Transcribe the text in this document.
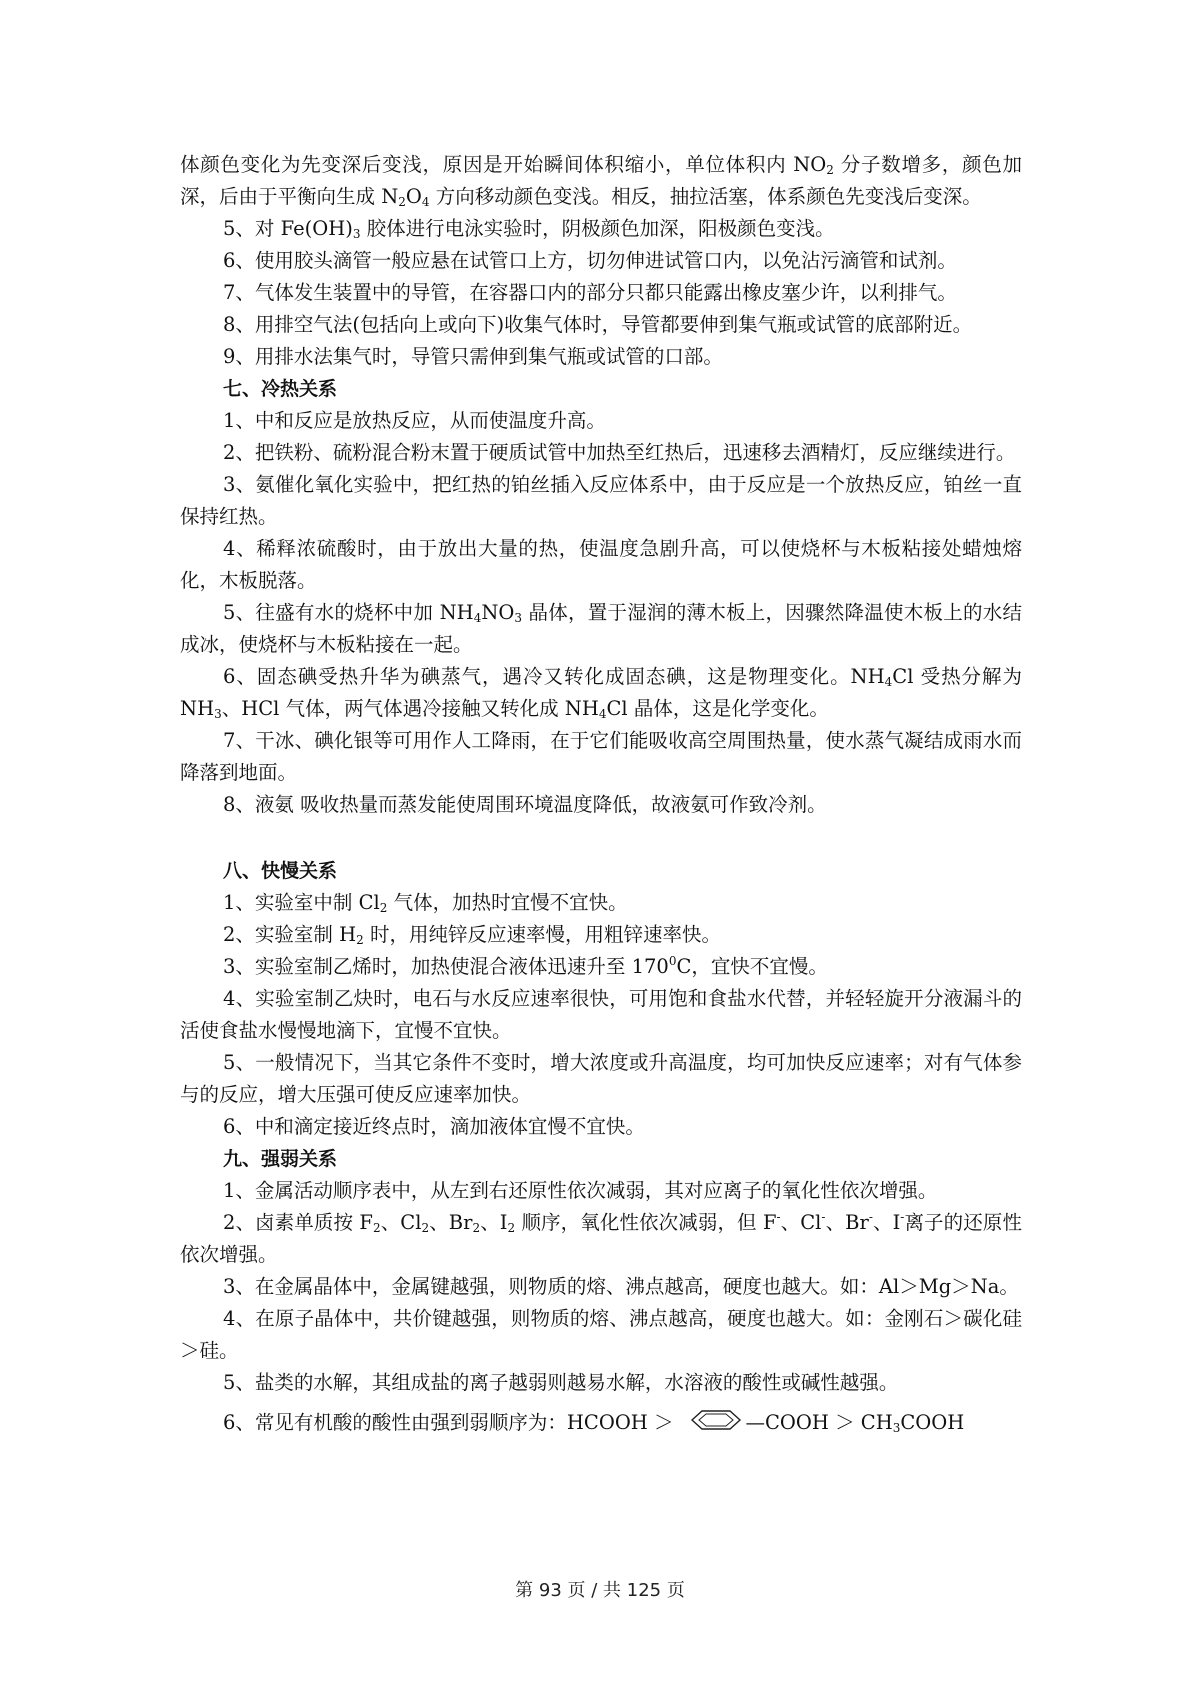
体颜色变化为先变深后变浅，原因是开始瞬间体积缩小，单位体积内 $NO_2$ 分子数增多，颜色加深，后由于平衡向生成 $N_2O_4$ 方向移动颜色变浅。相反，抽拉活塞，体系颜色先变浅后变深。

5、对 $Fe(OH)_3$ 胶体进行电泳实验时，阴极颜色加深，阳极颜色变浅。

6、使用胶头滴管一般应悬在试管口上方，切勿伸进试管口内，以免沾污滴管和试剂。

7、气体发生装置中的导管，在容器口内的部分只都只能露出橡皮塞少许，以利排气。

8、用排空气法(包括向上或向下)收集气体时，导管都要伸到集气瓶或试管的底部附近。

9、用排水法集气时，导管只需伸到集气瓶或试管的口部。

七、冷热关系

1、中和反应是放热反应，从而使温度升高。

2、把铁粉、硫粉混合粉末置于硬质试管中加热至红热后，迅速移去酒精灯，反应继续进行。

3、氨催化氧化实验中，把红热的铂丝插入反应体系中，由于反应是一个放热反应，铂丝一直保持红热。

4、稀释浓硫酸时，由于放出大量的热，使温度急剧升高，可以使烧杯与木板粘接处蜡烛熔化，木板脱落。

5、往盛有水的烧杯中加 $NH_4NO_3$ 晶体，置于湿润的薄木板上，因骤然降温使木板上的水结成冰，使烧杯与木板粘接在一起。

6、固态碘受热升华为碘蒸气，遇冷又转化成固态碘，这是物理变化。$NH_4Cl$ 受热分解为 $NH_3$、HCl 气体，两气体遇冷接触又转化成 $NH_4Cl$ 晶体，这是化学变化。

7、干冰、碘化银等可用作人工降雨，在于它们能吸收高空周围热量，使水蒸气凝结成雨水而降落到地面。

8、液氨 吸收热量而蒸发能使周围环境温度降低，故液氨可作致冷剂。

八、快慢关系

1、实验室中制 $Cl_2$ 气体，加热时宜慢不宜快。

2、实验室制 $H_2$ 时，用纯锌反应速率慢，用粗锌速率快。

3、实验室制乙烯时，加热使混合液体迅速升至 $170^0C$，宜快不宜慢。

4、实验室制乙炔时，电石与水反应速率很快，可用饱和食盐水代替，并轻轻旋开分液漏斗的活使食盐水慢慢地滴下，宜慢不宜快。

5、一般情况下，当其它条件不变时，增大浓度或升高温度，均可加快反应速率；对有气体参与的反应，增大压强可使反应速率加快。

6、中和滴定接近终点时，滴加液体宜慢不宜快。

九、强弱关系

1、金属活动顺序表中，从左到右还原性依次减弱，其对应离子的氧化性依次增强。

2、卤素单质按 $F_2$、$Cl_2$、$Br_2$、$I_2$ 顺序，氧化性依次减弱，但 F-、Cl-、Br-、I-离子的还原性依次增强。

3、在金属晶体中，金属键越强，则物质的熔、沸点越高，硬度也越大。如：Al＞Mg＞Na。

4、在原子晶体中，共价键越强，则物质的熔、沸点越高，硬度也越大。如：金刚石＞碳化硅＞硅。

5、盐类的水解，其组成盐的离子越弱则越易水解，水溶液的酸性或碱性越强。

6、常见有机酸的酸性由强到弱顺序为：HCOOH ＞	—COOH ＞ $CH_3COOH$

第 93 页 / 共 125 页
